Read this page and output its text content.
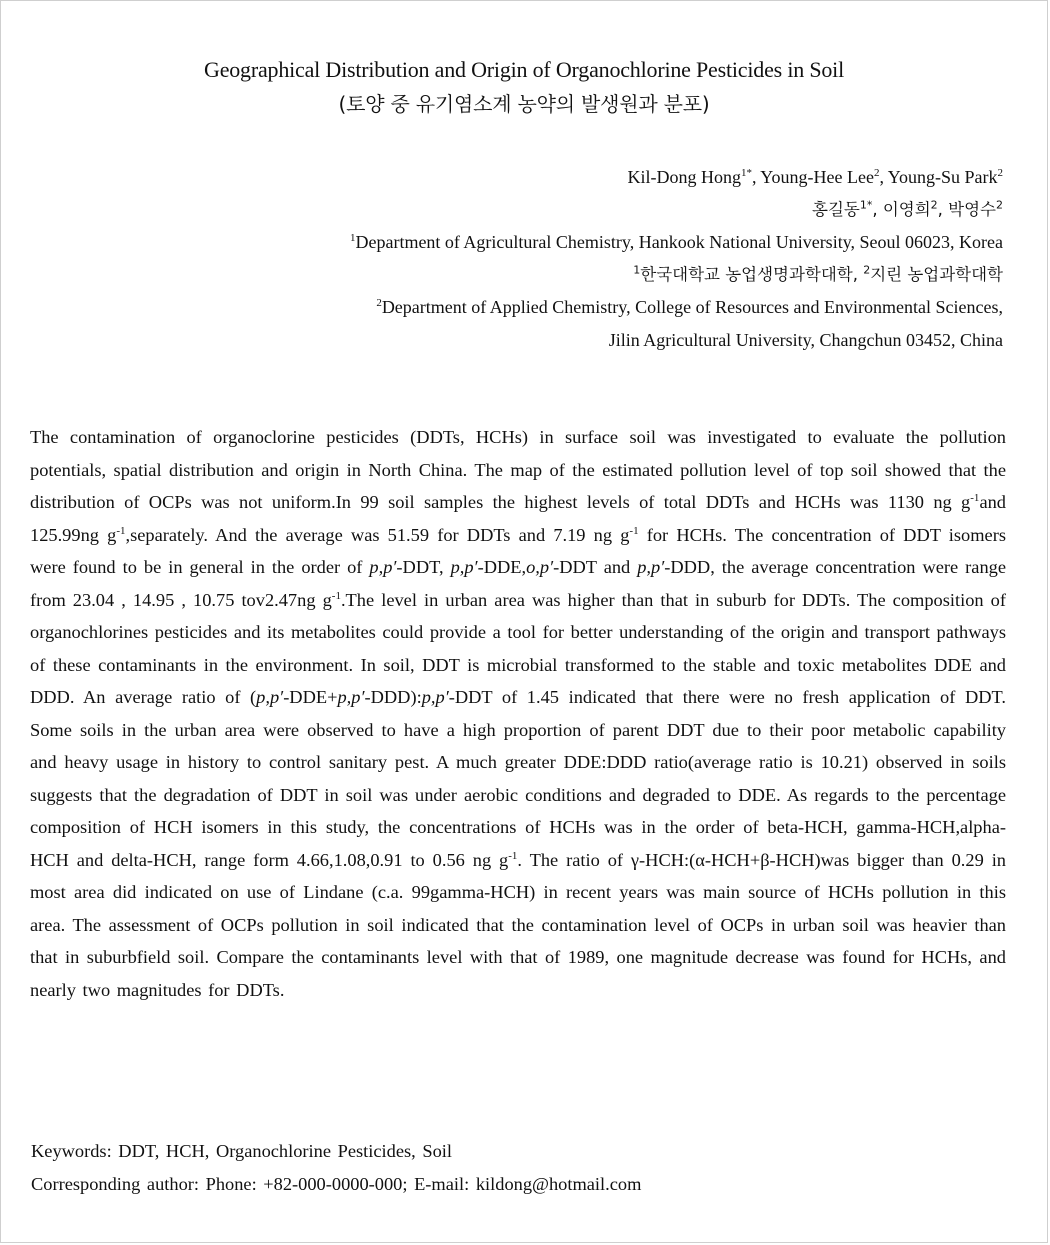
Geographical Distribution and Origin of Organochlorine Pesticides in Soil
(토양 중 유기염소계 농약의 발생원과 분포)
Kil-Dong Hong$^{1*}$, Young-Hee Lee$^2$, Young-Su Park$^2$
홍길동$^{1*}$, 이영희$^2$, 박영수$^2$
$^1$Department of Agricultural Chemistry, Hankook National University, Seoul 06023, Korea
$^1$한국대학교 농업생명과학대학, $^2$지린 농업과학대학
$^2$Department of Applied Chemistry, College of Resources and Environmental Sciences,
Jilin Agricultural University, Changchun 03452, China

The contamination of organoclorine pesticides (DDTs, HCHs) in surface soil was investigated to evaluate the pollution potentials, spatial distribution and origin in North China. The map of the estimated pollution level of top soil showed that the distribution of OCPs was not uniform.In 99 soil samples the highest levels of total DDTs and HCHs was 1130 ng $g^{-1}and$ 125.99ng $g^{-1},separately$. And the average was 51.59 for DDTs and 7.19 ng $g^{-1}$ for HCHs. The concentration of DDT isomers were found to be in general in the order of p,p′-DDT, p,p′-DDE,o,p′-DDT and p,p′-DDD, the average concentration were range from 23.04 , 14.95 , 10.75 tov2.47ng $g^{-1}.The$ level in urban area was higher than that in suburb for DDTs. The composition of organochlorines pesticides and its metabolites could provide a tool for better understanding of the origin and transport pathways of these contaminants in the environment. In soil, DDT is microbial transformed to the stable and toxic metabolites DDE and DDD. An average ratio of (p,p′-DDE+p,p′-DDD):p,p′-DDT of 1.45 indicated that there were no fresh application of DDT. Some soils in the urban area were observed to have a high proportion of parent DDT due to their poor metabolic capability and heavy usage in history to control sanitary pest. A much greater DDE:DDD ratio(average ratio is 10.21) observed in soils suggests that the degradation of DDT in soil was under aerobic conditions and degraded to DDE. As regards to the percentage composition of HCH isomers in this study, the concentrations of HCHs was in the order of beta-HCH, gamma-HCH,alpha-HCH and delta-HCH, range form 4.66,1.08,0.91 to 0.56 ng $g^{-1}$. The ratio of γ-HCH:(α-HCH+β-HCH)was bigger than 0.29 in most area did indicated on use of Lindane (c.a. 99gamma-HCH) in recent years was main source of HCHs pollution in this area. The assessment of OCPs pollution in soil indicated that the contamination level of OCPs in urban soil was heavier than that in suburbfield soil. Compare the contaminants level with that of 1989, one magnitude decrease was found for HCHs, and nearly two magnitudes for DDTs.

Keywords: DDT, HCH, Organochlorine Pesticides, Soil
Corresponding author: Phone: +82-000-0000-000; E-mail: kildong@hotmail.com
